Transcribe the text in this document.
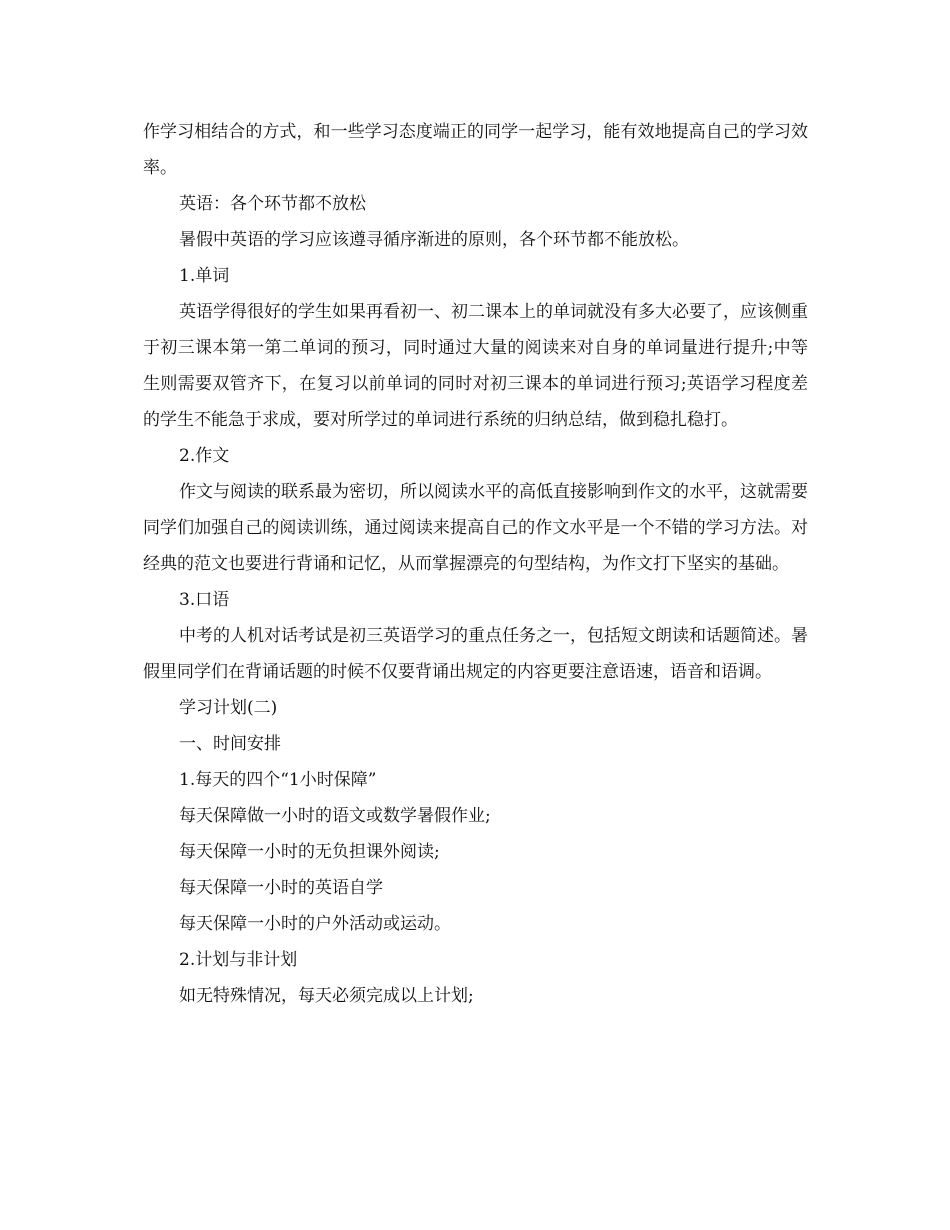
作学习相结合的方式，和一些学习态度端正的同学一起学习，能有效地提高自己的学习效率。

英语：各个环节都不放松

暑假中英语的学习应该遵寻循序渐进的原则，各个环节都不能放松。

1.单词

英语学得很好的学生如果再看初一、初二课本上的单词就没有多大必要了，应该侧重于初三课本第一第二单词的预习，同时通过大量的阅读来对自身的单词量进行提升;中等生则需要双管齐下，在复习以前单词的同时对初三课本的单词进行预习;英语学习程度差的学生不能急于求成，要对所学过的单词进行系统的归纳总结，做到稳扎稳打。

2.作文

作文与阅读的联系最为密切，所以阅读水平的高低直接影响到作文的水平，这就需要同学们加强自己的阅读训练，通过阅读来提高自己的作文水平是一个不错的学习方法。对经典的范文也要进行背诵和记忆，从而掌握漂亮的句型结构，为作文打下坚实的基础。

3.口语

中考的人机对话考试是初三英语学习的重点任务之一，包括短文朗读和话题简述。暑假里同学们在背诵话题的时候不仅要背诵出规定的内容更要注意语速，语音和语调。

学习计划(二)

一、时间安排

1.每天的四个“1小时保障”

每天保障做一小时的语文或数学暑假作业;

每天保障一小时的无负担课外阅读;

每天保障一小时的英语自学

每天保障一小时的户外活动或运动。

2.计划与非计划

如无特殊情况，每天必须完成以上计划;
